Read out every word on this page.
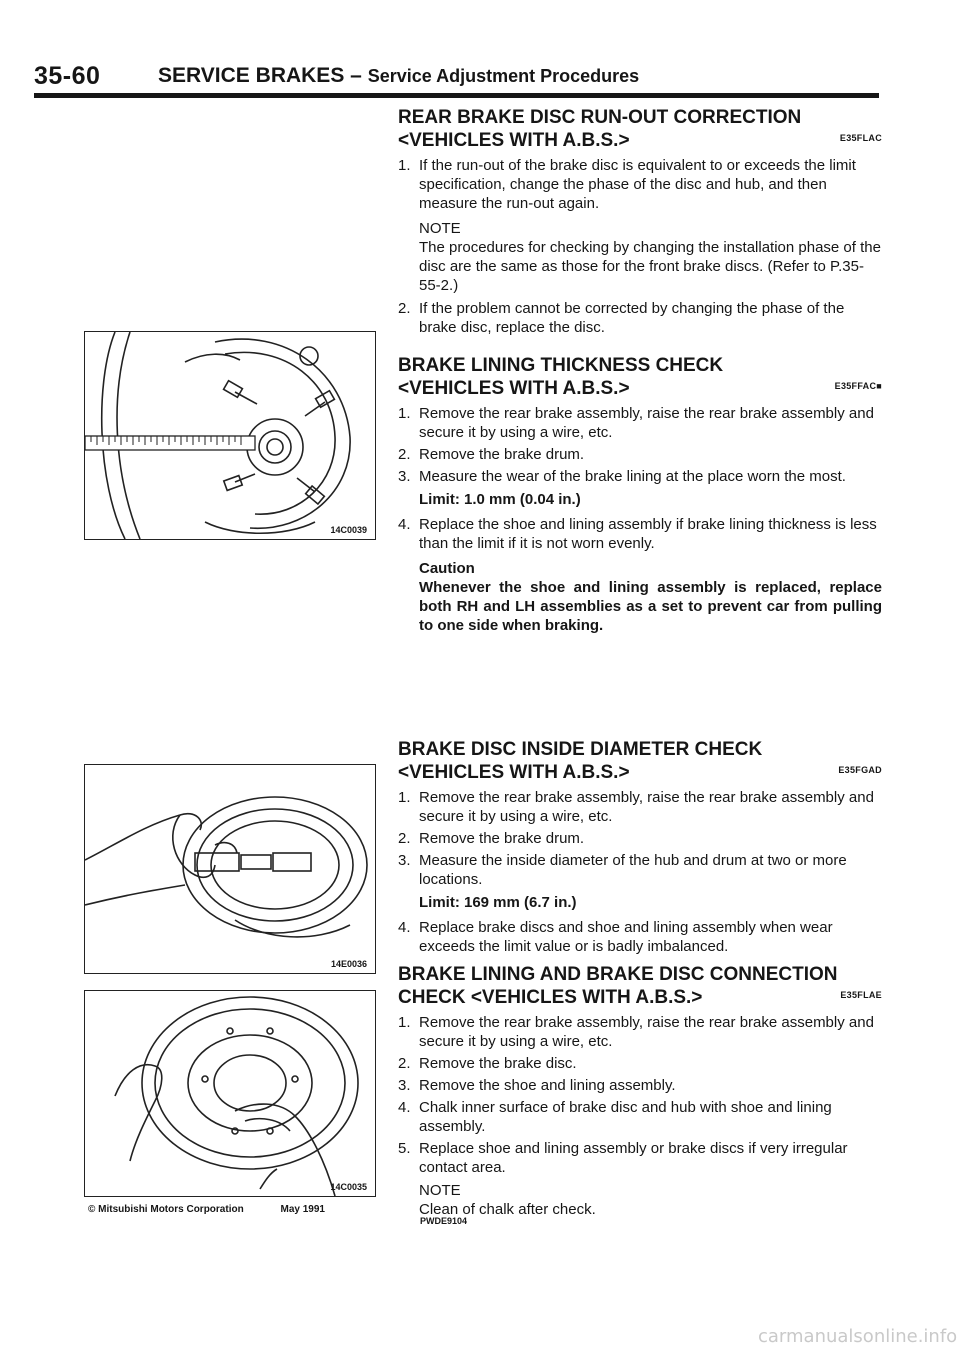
35-60	SERVICE BRAKES – Service Adjustment Procedures
14C0039
14E0036
14C0035
REAR BRAKE DISC RUN-OUT CORRECTION
<VEHICLES WITH A.B.S.>	E35FLAC
1. If the run-out of the brake disc is equivalent to or exceeds the limit specification, change the phase of the disc and hub, and then measure the run-out again.
NOTE
The procedures for checking by changing the installation phase of the disc are the same as those for the front brake discs. (Refer to P.35-55-2.)
2. If the problem cannot be corrected by changing the phase of the brake disc, replace the disc.
BRAKE LINING THICKNESS CHECK
<VEHICLES WITH A.B.S.>	E35FFAC■
1. Remove the rear brake assembly, raise the rear brake assembly and secure it by using a wire, etc.
2. Remove the brake drum.
3. Measure the wear of the brake lining at the place worn the most.
Limit: 1.0 mm (0.04 in.)
4. Replace the shoe and lining assembly if brake lining thickness is less than the limit if it is not worn evenly.
Caution
Whenever the shoe and lining assembly is replaced, replace both RH and LH assemblies as a set to prevent car from pulling to one side when braking.
BRAKE DISC INSIDE DIAMETER CHECK
<VEHICLES WITH A.B.S.>	E35FGAD
1. Remove the rear brake assembly, raise the rear brake assembly and secure it by using a wire, etc.
2. Remove the brake drum.
3. Measure the inside diameter of the hub and drum at two or more locations.
Limit: 169 mm (6.7 in.)
4. Replace brake discs and shoe and lining assembly when wear exceeds the limit value or is badly imbalanced.
BRAKE LINING AND BRAKE DISC CONNECTION
CHECK <VEHICLES WITH A.B.S.>	E35FLAE
1. Remove the rear brake assembly, raise the rear brake assembly and secure it by using a wire, etc.
2. Remove the brake disc.
3. Remove the shoe and lining assembly.
4. Chalk inner surface of brake disc and hub with shoe and lining assembly.
5. Replace shoe and lining assembly or brake discs if very irregular contact area.
NOTE
Clean of chalk after check.
© Mitsubishi Motors Corporation	May 1991
PWDE9104
carmanualsonline.info
